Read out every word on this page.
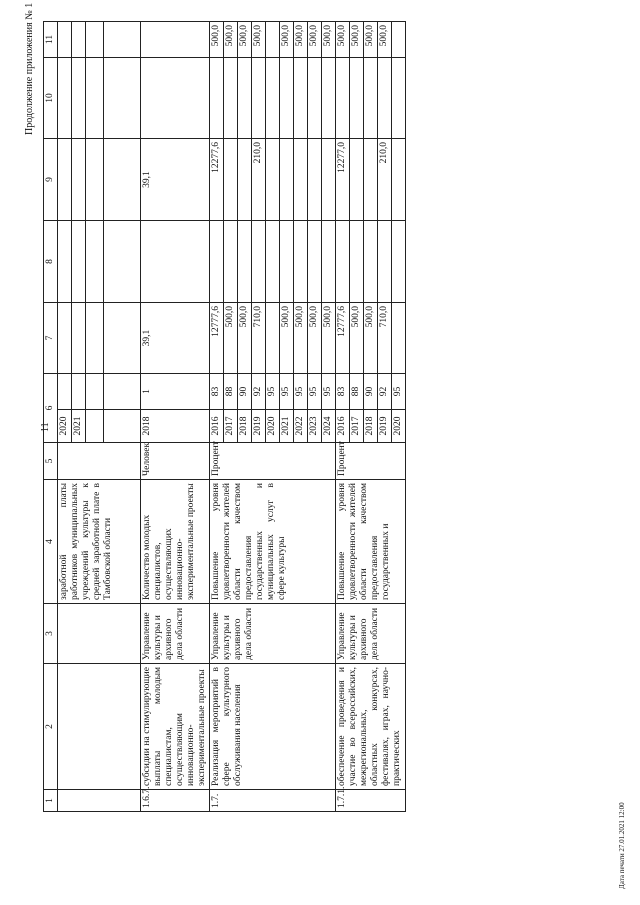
Продолжение приложения № 1
11
1	2	3	4	5	6		7	8	9	10	11
			заработной платы работников муниципальных учреждений культуры к средней заработной плате в Тамбовской области		2020						
					2021						

1.6.7.	субсидии на стимулирующие выплаты молодым специалистам, осуществляющим инновационно-экспериментальные проекты	Управление культуры и архивного дела области	Количество молодых специалистов, осуществляющих инновационно-экспериментальные проекты	Человек	2018	1	39,1		39,1		
1.7.	Реализация мероприятий в сфере культурного обслуживания населения	Управление культуры и архивного дела области	Повышение уровня удовлетворенности жителей области качеством предоставления государственных и муниципальных услуг в сфере культуры	Процент	2016	83	12777,6		12277,6		500,0
					2017	88	500,0				500,0
					2018	90	500,0				500,0
					2019	92	710,0		210,0		500,0
					2020	95					
					2021	95	500,0				500,0
					2022	95	500,0				500,0
					2023	95	500,0				500,0
					2024	95	500,0				500,0
1.7.1.	обеспечение проведения и участие во всероссийских, межрегиональных, областных конкурсах, фестивалях, играх, научно-практических	Управление культуры и архивного дела области	Повышение уровня удовлетворенности жителей области качеством предоставления государственных и	Процент	2016	83	12777,6		12277,0		500,0
					2017	88	500,0				500,0
					2018	90	500,0				500,0
					2019	92	710,0		210,0		500,0
					2020	95					
Дата печати 27.01.2021 12:00
